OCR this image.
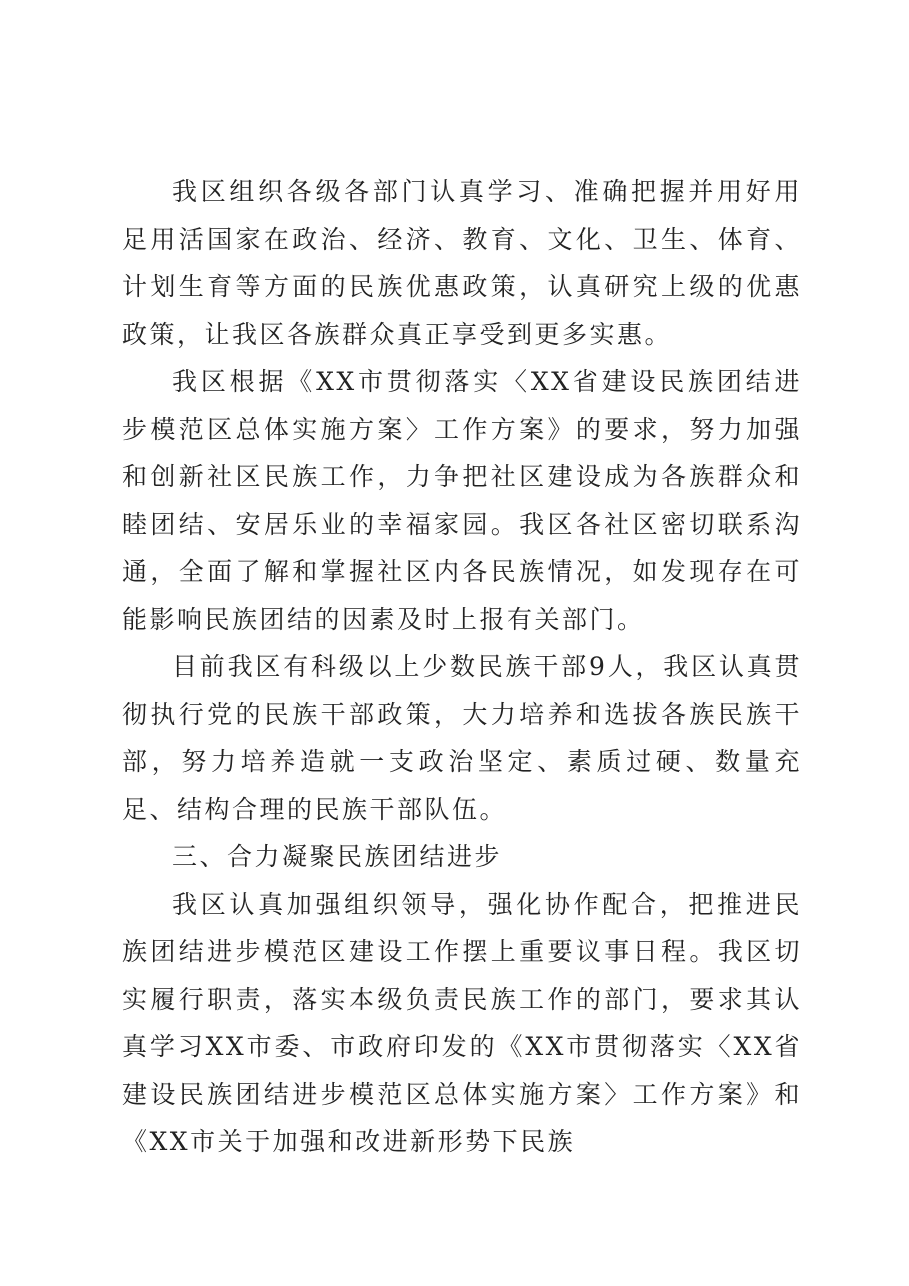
我区组织各级各部门认真学习、准确把握并用好用足用活国家在政治、经济、教育、文化、卫生、体育、计划生育等方面的民族优惠政策，认真研究上级的优惠政策，让我区各族群众真正享受到更多实惠。

我区根据《XX市贯彻落实〈XX省建设民族团结进步模范区总体实施方案〉工作方案》的要求，努力加强和创新社区民族工作，力争把社区建设成为各族群众和睦团结、安居乐业的幸福家园。我区各社区密切联系沟通，全面了解和掌握社区内各民族情况，如发现存在可能影响民族团结的因素及时上报有关部门。

目前我区有科级以上少数民族干部9人，我区认真贯彻执行党的民族干部政策，大力培养和选拔各族民族干部，努力培养造就一支政治坚定、素质过硬、数量充足、结构合理的民族干部队伍。

三、合力凝聚民族团结进步

我区认真加强组织领导，强化协作配合，把推进民族团结进步模范区建设工作摆上重要议事日程。我区切实履行职责，落实本级负责民族工作的部门，要求其认真学习XX市委、市政府印发的《XX市贯彻落实〈XX省建设民族团结进步模范区总体实施方案〉工作方案》和《XX市关于加强和改进新形势下民族
